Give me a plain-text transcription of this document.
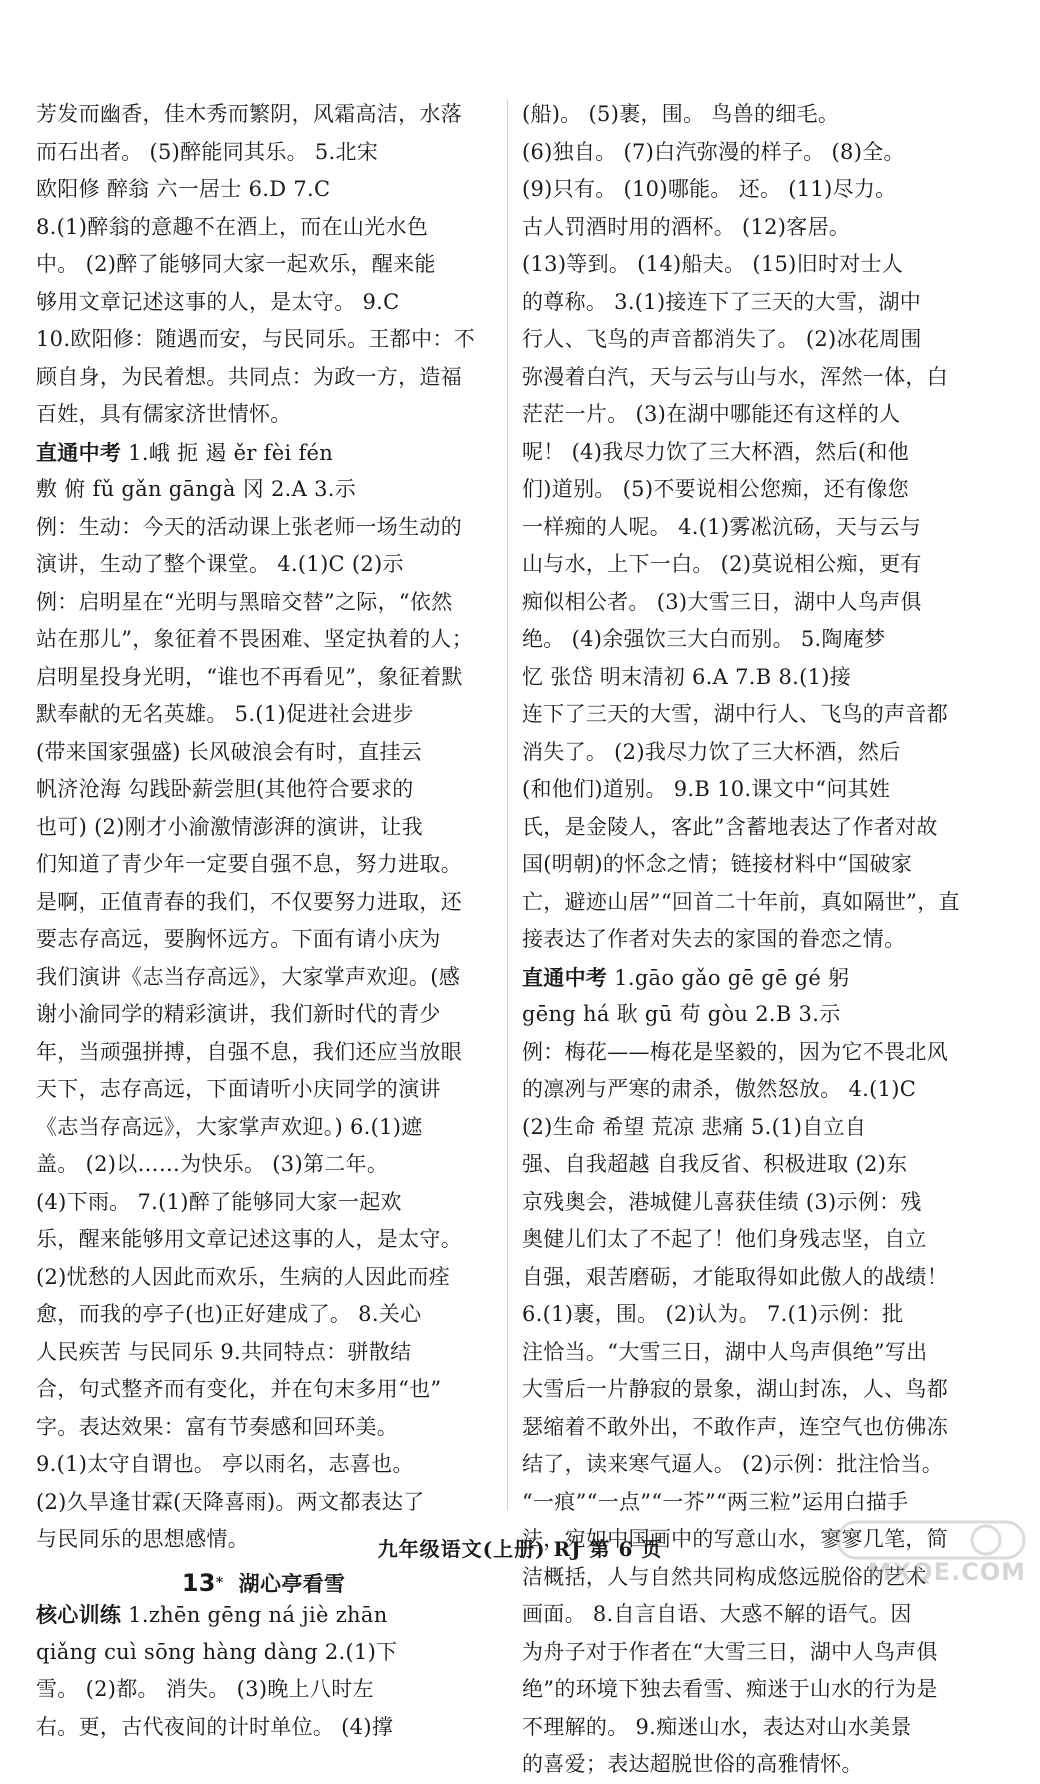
芳发而幽香，佳木秀而繁阴，风霜高洁，水落
而石出者。 (5)醉能同其乐。 5.北宋
欧阳修 醉翁 六一居士 6.D 7.C
8.(1)醉翁的意趣不在酒上，而在山光水色
中。 (2)醉了能够同大家一起欢乐，醒来能
够用文章记述这事的人，是太守。 9.C
10.欧阳修：随遇而安，与民同乐。王都中：不
顾自身，为民着想。共同点：为政一方，造福
百姓，具有儒家济世情怀。
直通中考 1.峨 扼 遏 ěr fèi fén
敷 俯 fǔ gǎn gāngà 冈 2.A 3.示
例：生动：今天的活动课上张老师一场生动的
演讲，生动了整个课堂。 4.(1)C (2)示
例：启明星在“光明与黑暗交替”之际，“依然
站在那儿”，象征着不畏困难、坚定执着的人；
启明星投身光明，“谁也不再看见”，象征着默
默奉献的无名英雄。 5.(1)促进社会进步
(带来国家强盛) 长风破浪会有时，直挂云
帆济沧海 勾践卧薪尝胆(其他符合要求的
也可) (2)刚才小渝激情澎湃的演讲，让我
们知道了青少年一定要自强不息，努力进取。
是啊，正值青春的我们，不仅要努力进取，还
要志存高远，要胸怀远方。下面有请小庆为
我们演讲《志当存高远》，大家掌声欢迎。(感
谢小渝同学的精彩演讲，我们新时代的青少
年，当顽强拼搏，自强不息，我们还应当放眼
天下，志存高远，下面请听小庆同学的演讲
《志当存高远》，大家掌声欢迎。) 6.(1)遮
盖。 (2)以……为快乐。 (3)第二年。
(4)下雨。 7.(1)醉了能够同大家一起欢
乐，醒来能够用文章记述这事的人，是太守。
(2)忧愁的人因此而欢乐，生病的人因此而痊
愈，而我的亭子(也)正好建成了。 8.关心
人民疾苦 与民同乐 9.共同特点：骈散结
合，句式整齐而有变化，并在句末多用“也”
字。表达效果：富有节奏感和回环美。
9.(1)太守自谓也。 亭以雨名，志喜也。
(2)久旱逢甘霖(天降喜雨)。两文都表达了
与民同乐的思想感情。
13* 湖心亭看雪
核心训练 1.zhēn gēng ná jiè zhān
qiǎng cuì sōng hàng dàng 2.(1)下
雪。 (2)都。 消失。 (3)晚上八时左
右。更，古代夜间的计时单位。 (4)撑
(船)。 (5)裹，围。 鸟兽的细毛。
(6)独自。 (7)白汽弥漫的样子。 (8)全。
(9)只有。 (10)哪能。 还。 (11)尽力。
古人罚酒时用的酒杯。 (12)客居。
(13)等到。 (14)船夫。 (15)旧时对士人
的尊称。 3.(1)接连下了三天的大雪，湖中
行人、飞鸟的声音都消失了。 (2)冰花周围
弥漫着白汽，天与云与山与水，浑然一体，白
茫茫一片。 (3)在湖中哪能还有这样的人
呢！ (4)我尽力饮了三大杯酒，然后(和他
们)道别。 (5)不要说相公您痴，还有像您
一样痴的人呢。 4.(1)雾凇沆砀，天与云与
山与水，上下一白。 (2)莫说相公痴，更有
痴似相公者。 (3)大雪三日，湖中人鸟声俱
绝。 (4)余强饮三大白而别。 5.陶庵梦
忆 张岱 明末清初 6.A 7.B 8.(1)接
连下了三天的大雪，湖中行人、飞鸟的声音都
消失了。 (2)我尽力饮了三大杯酒，然后
(和他们)道别。 9.B 10.课文中“问其姓
氏，是金陵人，客此”含蓄地表达了作者对故
国(明朝)的怀念之情；链接材料中“国破家
亡，避迹山居”“回首二十年前，真如隔世”，直
接表达了作者对失去的家国的眷恋之情。
直通中考 1.gāo gǎo gē gē gé 躬
gēng há 耿 gū 苟 gòu 2.B 3.示
例：梅花——梅花是坚毅的，因为它不畏北风
的凛冽与严寒的肃杀，傲然怒放。 4.(1)C
(2)生命 希望 荒凉 悲痛 5.(1)自立自
强、自我超越 自我反省、积极进取 (2)东
京残奥会，港城健儿喜获佳绩 (3)示例：残
奥健儿们太了不起了！他们身残志坚，自立
自强，艰苦磨砺，才能取得如此傲人的战绩！
6.(1)裹，围。 (2)认为。 7.(1)示例：批
注恰当。“大雪三日，湖中人鸟声俱绝”写出
大雪后一片静寂的景象，湖山封冻，人、鸟都
瑟缩着不敢外出，不敢作声，连空气也仿佛冻
结了，读来寒气逼人。 (2)示例：批注恰当。
“一痕”“一点”“一芥”“两三粒”运用白描手
法，宛如中国画中的写意山水，寥寥几笔，简
洁概括，人与自然共同构成悠远脱俗的艺术
画面。 8.自言自语、大惑不解的语气。因
为舟子对于作者在“大雪三日，湖中人鸟声俱
绝”的环境下独去看雪、痴迷于山水的行为是
不理解的。 9.痴迷山水，表达对山水美景
的喜爱；表达超脱世俗的高雅情怀。
九年级语文(上册) RJ 第 6 页
MXQE.COM
